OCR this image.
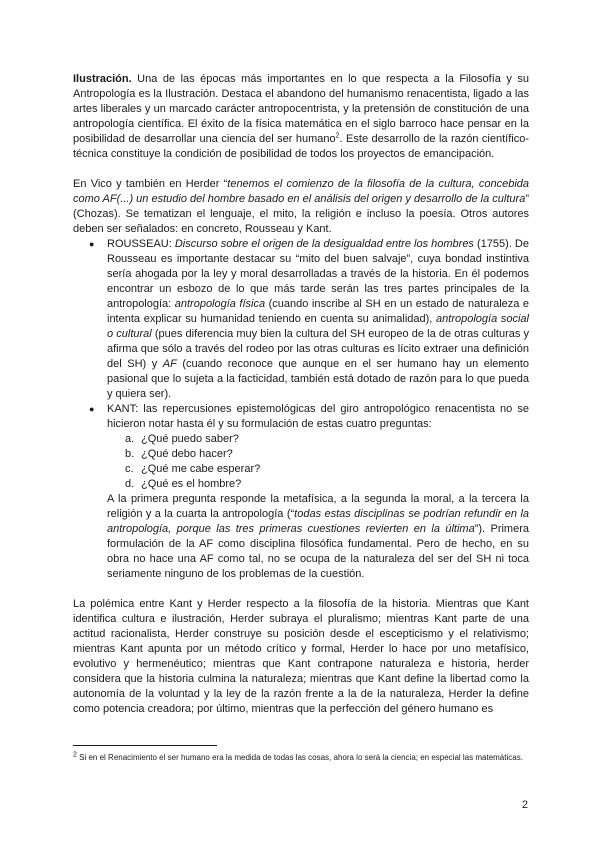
Ilustración. Una de las épocas más importantes en lo que respecta a la Filosofía y su Antropología es la Ilustración. Destaca el abandono del humanismo renacentista, ligado a las artes liberales y un marcado carácter antropocentrista, y la pretensión de constitución de una antropología científica. El éxito de la física matemática en el siglo barroco hace pensar en la posibilidad de desarrollar una ciencia del ser humano$^2$. Este desarrollo de la razón científico-técnica constituye la condición de posibilidad de todos los proyectos de emancipación.

En Vico y también en Herder “tenemos el comienzo de la filosofía de la cultura, concebida como AF(...) un estudio del hombre basado en el análisis del origen y desarrollo de la cultura” (Chozas). Se tematizan el lenguaje, el mito, la religión e incluso la poesía. Otros autores deben ser señalados: en concreto, Rousseau y Kant.

● ROUSSEAU: Discurso sobre el origen de la desigualdad entre los hombres (1755). De Rousseau es importante destacar su “mito del buen salvaje”, cuya bondad instintiva sería ahogada por la ley y moral desarrolladas a través de la historia. En él podemos encontrar un esbozo de lo que más tarde serán las tres partes principales de la antropología: antropología física (cuando inscribe al SH en un estado de naturaleza e intenta explicar su humanidad teniendo en cuenta su animalidad), antropología social o cultural (pues diferencia muy bien la cultura del SH europeo de la de otras culturas y afirma que sólo a través del rodeo por las otras culturas es lícito extraer una definición del SH) y AF (cuando reconoce que aunque en el ser humano hay un elemento pasional que lo sujeta a la facticidad, también está dotado de razón para lo que pueda y quiera ser).
● KANT: las repercusiones epistemológicas del giro antropológico renacentista no se hicieron notar hasta él y su formulación de estas cuatro preguntas:
a. ¿Qué puedo saber?
b. ¿Qué debo hacer?
c. ¿Qué me cabe esperar?
d. ¿Qué es el hombre?

A la primera pregunta responde la metafísica, a la segunda la moral, a la tercera la religión y a la cuarta la antropología (“todas estas disciplinas se podrían refundir en la antropología, porque las tres primeras cuestiones revierten en la última”). Primera formulación de la AF como disciplina filosófica fundamental. Pero de hecho, en su obra no hace una AF como tal, no se ocupa de la naturaleza del ser del SH ni toca seriamente ninguno de los problemas de la cuestión.

La polémica entre Kant y Herder respecto a la filosofía de la historia. Mientras que Kant identifica cultura e ilustración, Herder subraya el pluralismo; mientras Kant parte de una actitud racionalista, Herder construye su posición desde el escepticismo y el relativismo; mientras Kant apunta por un método crítico y formal, Herder lo hace por uno metafísico, evolutivo y hermenéutico; mientras que Kant contrapone naturaleza e historia, herder considera que la historia culmina la naturaleza; mientras que Kant define la libertad como la autonomía de la voluntad y la ley de la razón frente a la de la naturaleza, Herder la define como potencia creadora; por último, mientras que la perfección del género humano es

$^2$ Si en el Renacimiento el ser humano era la medida de todas las cosas, ahora lo será la ciencia; en especial las matemáticas.
2
